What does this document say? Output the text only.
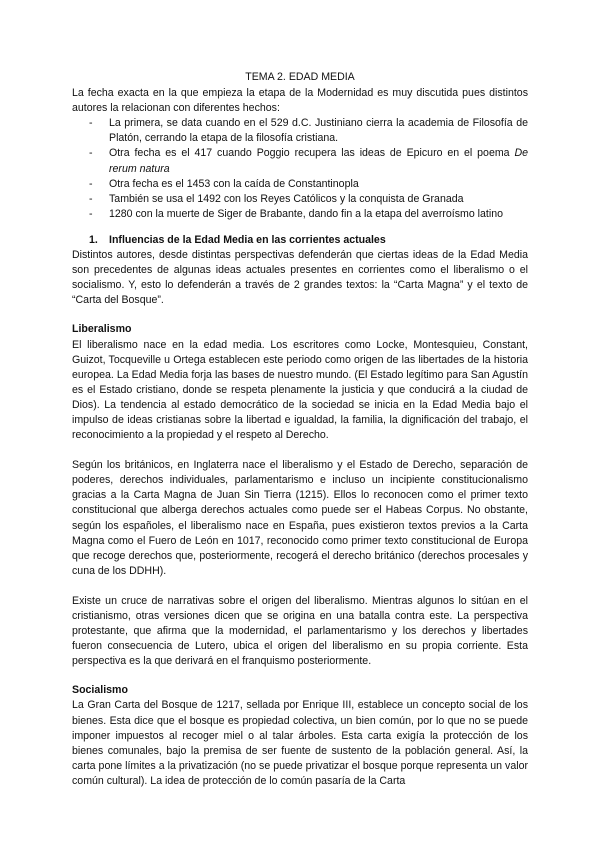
TEMA 2. EDAD MEDIA

La fecha exacta en la que empieza la etapa de la Modernidad es muy discutida pues distintos autores la relacionan con diferentes hechos:

- La primera, se data cuando en el 529 d.C. Justiniano cierra la academia de Filosofía de Platón, cerrando la etapa de la filosofía cristiana.
- Otra fecha es el 417 cuando Poggio recupera las ideas de Epicuro en el poema De rerum natura
- Otra fecha es el 1453 con la caída de Constantinopla
- También se usa el 1492 con los Reyes Católicos y la conquista de Granada
- 1280 con la muerte de Siger de Brabante, dando fin a la etapa del averroísmo latino
1. Influencias de la Edad Media en las corrientes actuales

Distintos autores, desde distintas perspectivas defenderán que ciertas ideas de la Edad Media son precedentes de algunas ideas actuales presentes en corrientes como el liberalismo o el socialismo. Y, esto lo defenderán a través de 2 grandes textos: la “Carta Magna” y el texto de “Carta del Bosque”.

Liberalismo

El liberalismo nace en la edad media. Los escritores como Locke, Montesquieu, Constant, Guizot, Tocqueville u Ortega establecen este periodo como origen de las libertades de la historia europea. La Edad Media forja las bases de nuestro mundo. (El Estado legítimo para San Agustín es el Estado cristiano, donde se respeta plenamente la justicia y que conducirá a la ciudad de Dios). La tendencia al estado democrático de la sociedad se inicia en la Edad Media bajo el impulso de ideas cristianas sobre la libertad e igualdad, la familia, la dignificación del trabajo, el reconocimiento a la propiedad y el respeto al Derecho.

Según los británicos, en Inglaterra nace el liberalismo y el Estado de Derecho, separación de poderes, derechos individuales, parlamentarismo e incluso un incipiente constitucionalismo gracias a la Carta Magna de Juan Sin Tierra (1215). Ellos lo reconocen como el primer texto constitucional que alberga derechos actuales como puede ser el Habeas Corpus. No obstante, según los españoles, el liberalismo nace en España, pues existieron textos previos a la Carta Magna como el Fuero de León en 1017, reconocido como primer texto constitucional de Europa que recoge derechos que, posteriormente, recogerá el derecho británico (derechos procesales y cuna de los DDHH).

Existe un cruce de narrativas sobre el origen del liberalismo. Mientras algunos lo sitúan en el cristianismo, otras versiones dicen que se origina en una batalla contra este. La perspectiva protestante, que afirma que la modernidad, el parlamentarismo y los derechos y libertades fueron consecuencia de Lutero, ubica el origen del liberalismo en su propia corriente. Esta perspectiva es la que derivará en el franquismo posteriormente.

Socialismo

La Gran Carta del Bosque de 1217, sellada por Enrique III, establece un concepto social de los bienes. Esta dice que el bosque es propiedad colectiva, un bien común, por lo que no se puede imponer impuestos al recoger miel o al talar árboles. Esta carta exigía la protección de los bienes comunales, bajo la premisa de ser fuente de sustento de la población general. Así, la carta pone límites a la privatización (no se puede privatizar el bosque porque representa un valor común cultural). La idea de protección de lo común pasaría de la Carta
